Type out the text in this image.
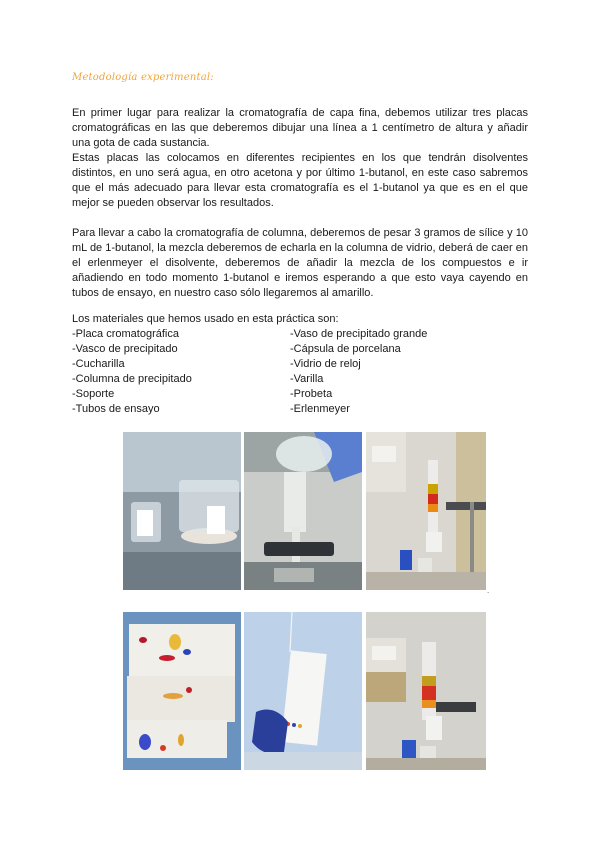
Metodología experimental:
En primer lugar para realizar la cromatografía de capa fina, debemos utilizar tres placas cromatográficas en las que deberemos dibujar una línea a 1 centímetro de altura y añadir una gota de cada sustancia.
Estas placas las colocamos en diferentes recipientes en los que tendrán disolventes distintos, en uno será agua, en otro acetona y por último 1-butanol, en este caso sabremos que el más adecuado para llevar esta cromatografía es el 1-butanol ya que es en el que mejor se pueden observar los resultados.

Para llevar a cabo la cromatografía de columna, deberemos de pesar 3 gramos de sílice y 10 mL de 1-butanol, la mezcla deberemos de echarla en la columna de vidrio, deberá de caer en el erlenmeyer el disolvente, deberemos de añadir la mezcla de los compuestos e ir añadiendo en todo momento 1-butanol e iremos esperando a que esto vaya cayendo en tubos de ensayo, en nuestro caso sólo llegaremos al amarillo.

Los materiales que hemos usado en esta práctica son:
-Placa cromatográfica
-Vasco de precipitado
-Cucharilla
-Columna de precipitado
-Soporte
-Tubos de ensayo
-Vaso de precipitado grande
-Cápsula de porcelana
-Vidrio de reloj
-Varilla
-Probeta
-Erlenmeyer
.
